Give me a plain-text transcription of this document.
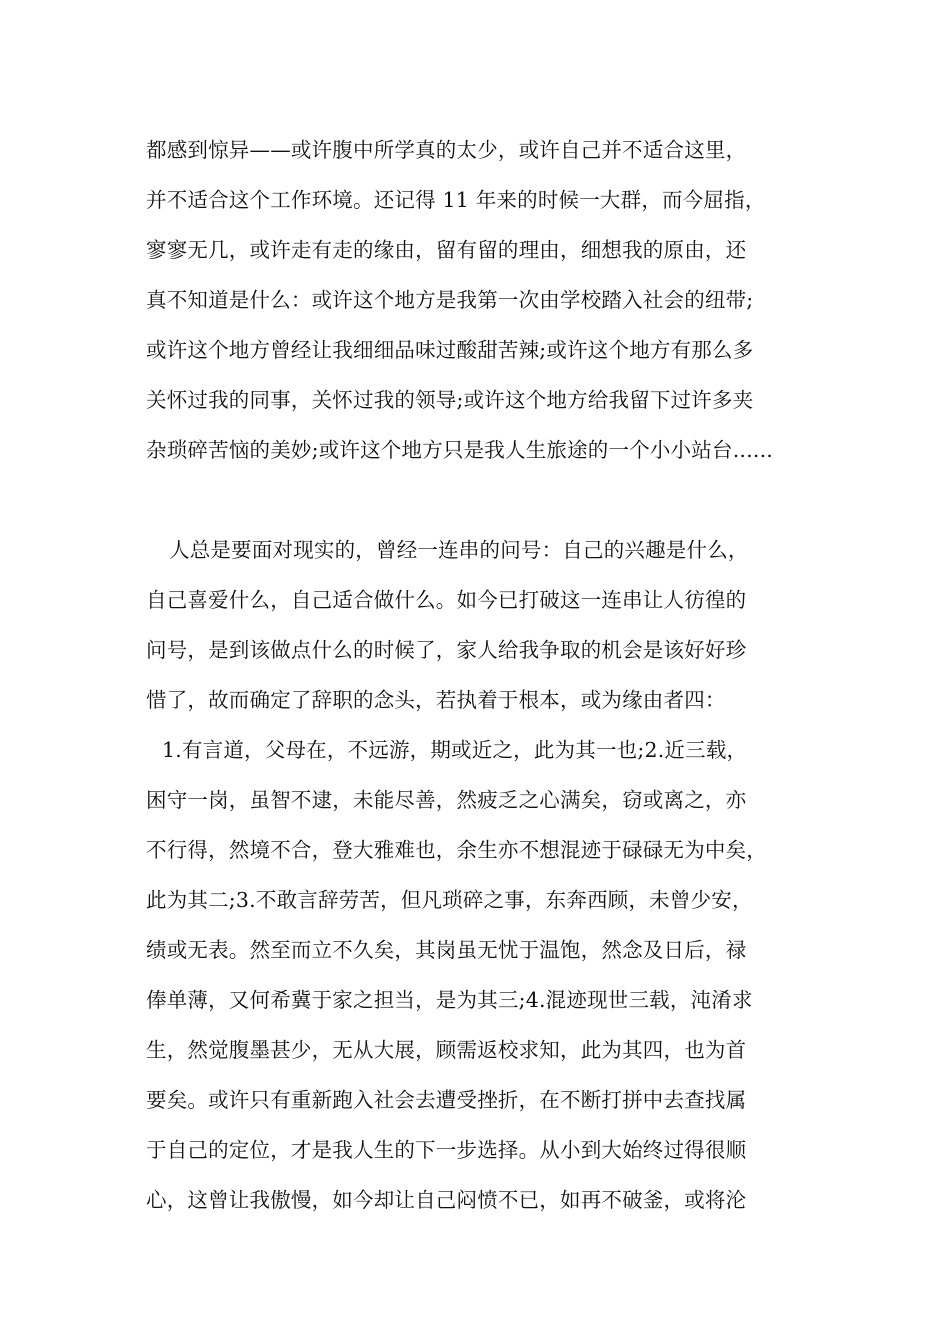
都感到惊异——或许腹中所学真的太少，或许自己并不适合这里，
并不适合这个工作环境。还记得 11 年来的时候一大群，而今屈指，
寥寥无几，或许走有走的缘由，留有留的理由，细想我的原由，还
真不知道是什么：或许这个地方是我第一次由学校踏入社会的纽带;
或许这个地方曾经让我细细品味过酸甜苦辣;或许这个地方有那么多
关怀过我的同事，关怀过我的领导;或许这个地方给我留下过许多夹
杂琐碎苦恼的美妙;或许这个地方只是我人生旅途的一个小小站台......
人总是要面对现实的，曾经一连串的问号：自己的兴趣是什么，
自己喜爱什么，自己适合做什么。如今已打破这一连串让人彷徨的
问号，是到该做点什么的时候了，家人给我争取的机会是该好好珍
惜了，故而确定了辞职的念头，若执着于根本，或为缘由者四：
1.有言道，父母在，不远游，期或近之，此为其一也;2.近三载，
困守一岗，虽智不逮，未能尽善，然疲乏之心满矣，窃或离之，亦
不行得，然境不合，登大雅难也，余生亦不想混迹于碌碌无为中矣，
此为其二;3.不敢言辞劳苦，但凡琐碎之事，东奔西顾，未曾少安，
绩或无表。然至而立不久矣，其岗虽无忧于温饱，然念及日后，禄
俸单薄，又何希冀于家之担当，是为其三;4.混迹现世三载，沌淆求
生，然觉腹墨甚少，无从大展，顾需返校求知，此为其四，也为首
要矣。或许只有重新跑入社会去遭受挫折，在不断打拼中去查找属
于自己的定位，才是我人生的下一步选择。从小到大始终过得很顺
心，这曾让我傲慢，如今却让自己闷愤不已，如再不破釜，或将沦
